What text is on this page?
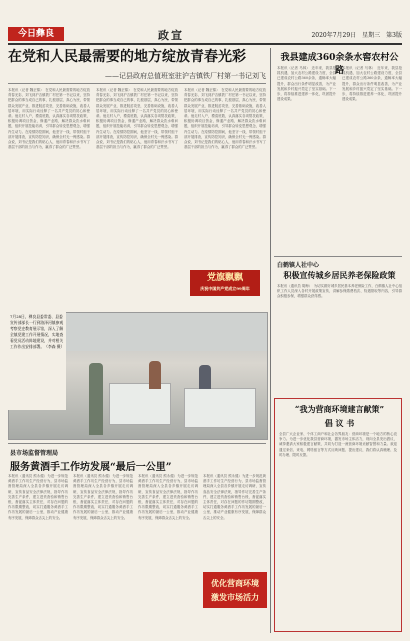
今日彝良	政宣	2020年7月29日　星期三　第3版
在党和人民最需要的地方绽放青春光彩
——记县政府总值班室驻沪吉镇铁厂村第一书记刘飞
本报讯（记者 魏正锦）　在党和人民最需要的地方绽放青春光彩，刘飞到沪吉镇铁厂村任第一书记以来，坚持把群众的事当成自己的事，扎根基层，真心为民，带领群众发展产业，推进脱贫攻坚，完善基础设施，改善人居环境，用实际行动诠释了一名共产党员的初心和使命。他走村入户，摸清底数，认真落实各项帮扶政策，积极协调项目资金，修通产业路，解决群众饮水难问题，组织开展技能培训，引导群众转变思想观念，增强内生动力。在疫情防控期间，他坚守一线，带领村组干部开展排查，宣传防控知识，确保全村无一例感染。群众说，刘书记是我们的贴心人，他用青春和汗水书写了基层干部的担当与作为，赢得了群众的广泛赞誉。
本报讯（记者 魏正锦）　在党和人民最需要的地方绽放青春光彩，刘飞到沪吉镇铁厂村任第一书记以来，坚持把群众的事当成自己的事，扎根基层，真心为民，带领群众发展产业，推进脱贫攻坚，完善基础设施，改善人居环境，用实际行动诠释了一名共产党员的初心和使命。他走村入户，摸清底数，认真落实各项帮扶政策，积极协调项目资金，修通产业路，解决群众饮水难问题，组织开展技能培训，引导群众转变思想观念，增强内生动力。在疫情防控期间，他坚守一线，带领村组干部开展排查，宣传防控知识，确保全村无一例感染。群众说，刘书记是我们的贴心人，他用青春和汗水书写了基层干部的担当与作为，赢得了群众的广泛赞誉。
本报讯（记者 魏正锦）　在党和人民最需要的地方绽放青春光彩，刘飞到沪吉镇铁厂村任第一书记以来，坚持把群众的事当成自己的事，扎根基层，真心为民，带领群众发展产业，推进脱贫攻坚，完善基础设施，改善人居环境，用实际行动诠释了一名共产党员的初心和使命。他走村入户，摸清底数，认真落实各项帮扶政策，积极协调项目资金，修通产业路，解决群众饮水难问题，组织开展技能培训，引导群众转变思想观念，增强内生动力。在疫情防控期间，他坚守一线，带领村组干部开展排查，宣传防控知识，确保全村无一例感染。群众说，刘书记是我们的贴心人，他用青春和汗水书写了基层干部的担当与作为，赢得了群众的广泛赞誉。
党旗飘飘
庆祝中国共产党成立99周年
7月28日，彝良县委常委、县委宣传部部长一行到洛泽河镇参观考察党史教育展示馆，深入了解全镇党建工作开展情况，实地查看党员活动阵地建设，并对相关工作作出安排部署。（李森 摄）
县市场监督管理局
服务黄酒手工作坊发展“最后一公里”
本报讯（通讯员 熊永健）为进一步规范黄酒手工作坊生产经营行为，县市场监督管理局深入全县各乡镇开展走访调研，宣传食品安全法律法规，指导作坊完善生产条件，建立进货查验和销售台账，督促落实主体责任，对存在问题的作坊限期整改，切实打通服务黄酒手工作坊发展的最后一公里，推动产业健康有序发展，保障群众舌尖上的安全。
本报讯（通讯员 熊永健）为进一步规范黄酒手工作坊生产经营行为，县市场监督管理局深入全县各乡镇开展走访调研，宣传食品安全法律法规，指导作坊完善生产条件，建立进货查验和销售台账，督促落实主体责任，对存在问题的作坊限期整改，切实打通服务黄酒手工作坊发展的最后一公里，推动产业健康有序发展，保障群众舌尖上的安全。
本报讯（通讯员 熊永健）为进一步规范黄酒手工作坊生产经营行为，县市场监督管理局深入全县各乡镇开展走访调研，宣传食品安全法律法规，指导作坊完善生产条件，建立进货查验和销售台账，督促落实主体责任，对存在问题的作坊限期整改，切实打通服务黄酒手工作坊发展的最后一公里，推动产业健康有序发展，保障群众舌尖上的安全。
本报讯（通讯员 熊永健）为进一步规范黄酒手工作坊生产经营行为，县市场监督管理局深入全县各乡镇开展走访调研，宣传食品安全法律法规，指导作坊完善生产条件，建立进货查验和销售台账，督促落实主体责任，对存在问题的作坊限期整改，切实打通服务黄酒手工作坊发展的最后一公里，推动产业健康有序发展，保障群众舌尖上的安全。
优化营商环境
激发市场活力
我县建成360余条水窖农村公路
本报讯（记者 马林）　近年来，我县抢抓机遇，加大农村公路建设力度，全县已建成农村公路360余条，通畅率大幅提升，群众出行条件明显改善，为产业发展和乡村振兴奠定了坚实基础。下一步，将持续推进建养一体化，巩固提升建设成果。
本报讯（记者 马林）　近年来，我县抢抓机遇，加大农村公路建设力度，全县已建成农村公路360余条，通畅率大幅提升，群众出行条件明显改善，为产业发展和乡村振兴奠定了坚实基础。下一步，将持续推进建养一体化，巩固提升建设成果。
白鹤镇人社中心
积极宣传城乡居民养老保险政策
本报讯（通讯员 胡梅）　为切实做好城乡居民基本养老保险工作，白鹤镇人社中心组织工作人员深入各村开展政策宣传，讲解参保缴费档次、待遇领取等内容，引导群众积极参保，增强群众获得感。
“我为营商环境建言献策”
倡 议 书
全县广大企业家、个体工商户和社会各界朋友：营商环境是一个地方的核心竞争力。为进一步优化我县营商环境，激发市场主体活力，现向全县发出倡议，诚挚邀请大家积极建言献策，共同为打造一流营商环境贡献智慧和力量。欢迎通过来信、来电、网络留言等方式反映问题、提出建议，我们将认真梳理、及时办理、限时反馈。
